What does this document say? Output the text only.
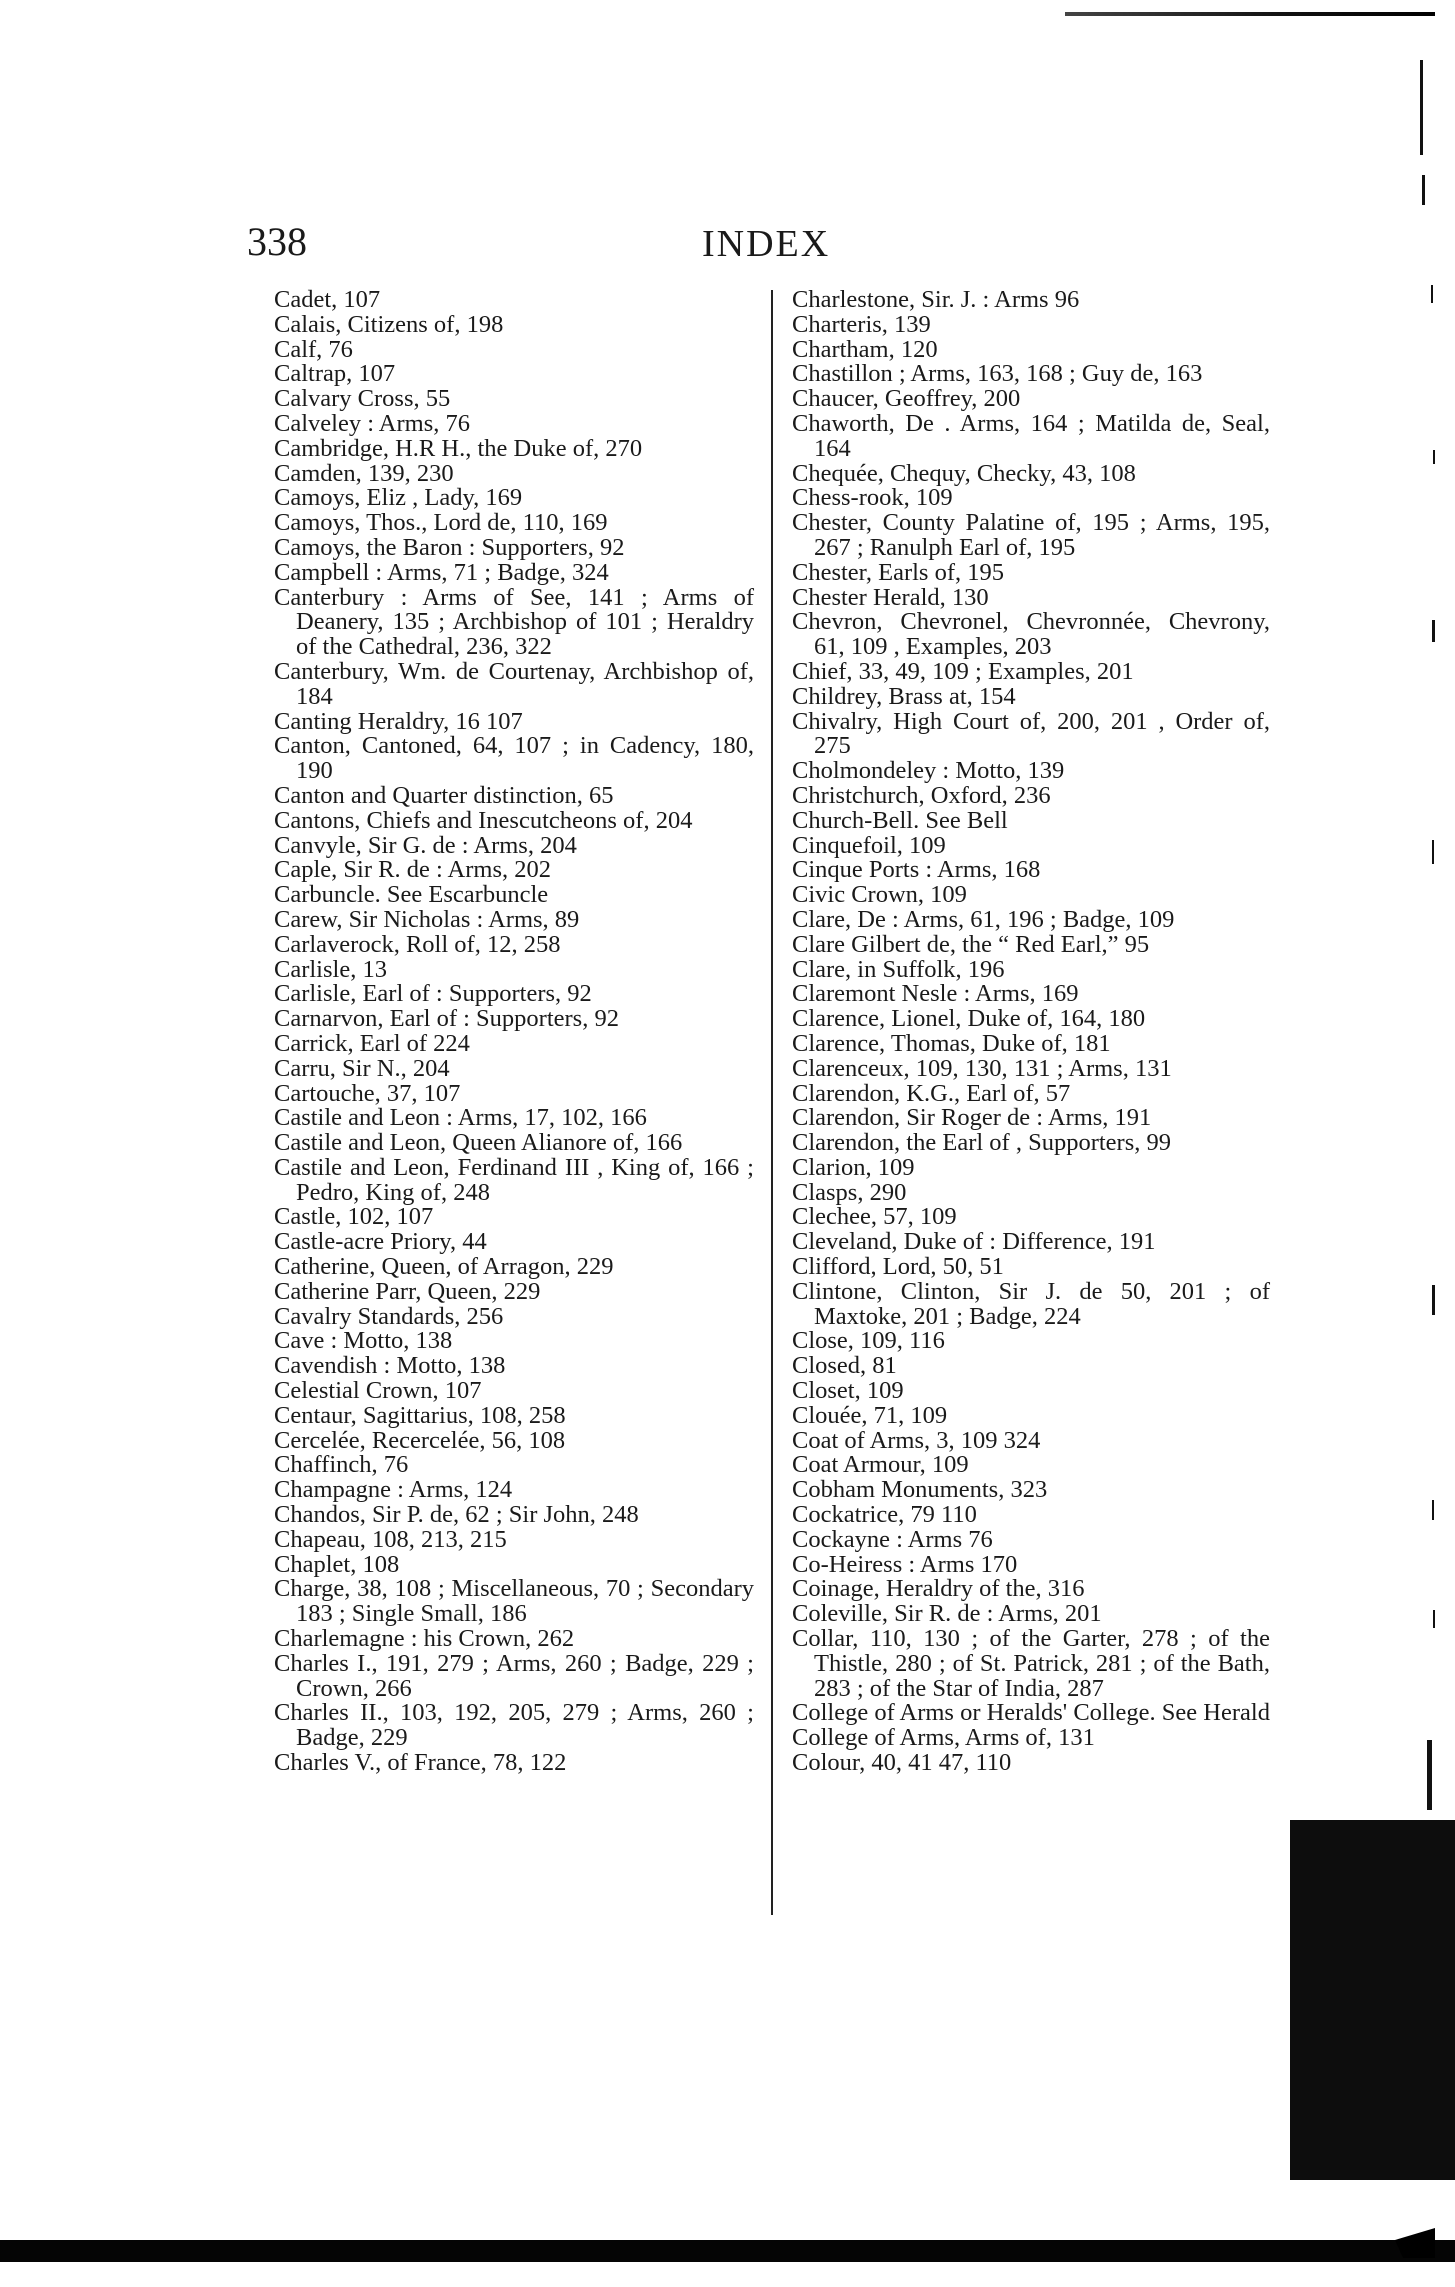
338	INDEX
Cadet, 107
Calais, Citizens of, 198
Calf, 76
Caltrap, 107
Calvary Cross, 55
Calveley : Arms, 76
Cambridge, H.R H., the Duke of, 270
Camden, 139, 230
Camoys, Eliz , Lady, 169
Camoys, Thos., Lord de, 110, 169
Camoys, the Baron : Supporters, 92
Campbell : Arms, 71 ; Badge, 324
Canterbury : Arms of See, 141 ; Arms of Deanery, 135 ; Archbishop of 101 ; Heraldry of the Cathedral, 236, 322
Canterbury, Wm. de Courtenay, Archbishop of, 184
Canting Heraldry, 16 107
Canton, Cantoned, 64, 107 ; in Cadency, 180, 190
Canton and Quarter distinction, 65
Cantons, Chiefs and Inescutcheons of, 204
Canvyle, Sir G. de : Arms, 204
Caple, Sir R. de : Arms, 202
Carbuncle. See Escarbuncle
Carew, Sir Nicholas : Arms, 89
Carlaverock, Roll of, 12, 258
Carlisle, 13
Carlisle, Earl of : Supporters, 92
Carnarvon, Earl of : Supporters, 92
Carrick, Earl of 224
Carru, Sir N., 204
Cartouche, 37, 107
Castile and Leon : Arms, 17, 102, 166
Castile and Leon, Queen Alianore of, 166
Castile and Leon, Ferdinand III , King of, 166 ; Pedro, King of, 248
Castle, 102, 107
Castle-acre Priory, 44
Catherine, Queen, of Arragon, 229
Catherine Parr, Queen, 229
Cavalry Standards, 256
Cave : Motto, 138
Cavendish : Motto, 138
Celestial Crown, 107
Centaur, Sagittarius, 108, 258
Cercelée, Recercelée, 56, 108
Chaffinch, 76
Champagne : Arms, 124
Chandos, Sir P. de, 62 ; Sir John, 248
Chapeau, 108, 213, 215
Chaplet, 108
Charge, 38, 108 ; Miscellaneous, 70 ; Secondary 183 ; Single Small, 186
Charlemagne : his Crown, 262
Charles I., 191, 279 ; Arms, 260 ; Badge, 229 ; Crown, 266
Charles II., 103, 192, 205, 279 ; Arms, 260 ; Badge, 229
Charles V., of France, 78, 122
Charlestone, Sir. J. : Arms 96
Charteris, 139
Chartham, 120
Chastillon ; Arms, 163, 168 ; Guy de, 163
Chaucer, Geoffrey, 200
Chaworth, De . Arms, 164 ; Matilda de, Seal, 164
Chequée, Chequy, Checky, 43, 108
Chess-rook, 109
Chester, County Palatine of, 195 ; Arms, 195, 267 ; Ranulph Earl of, 195
Chester, Earls of, 195
Chester Herald, 130
Chevron, Chevronel, Chevronnée, Chevrony, 61, 109 , Examples, 203
Chief, 33, 49, 109 ; Examples, 201
Childrey, Brass at, 154
Chivalry, High Court of, 200, 201 , Order of, 275
Cholmondeley : Motto, 139
Christchurch, Oxford, 236
Church-Bell. See Bell
Cinquefoil, 109
Cinque Ports : Arms, 168
Civic Crown, 109
Clare, De : Arms, 61, 196 ; Badge, 109
Clare Gilbert de, the “ Red Earl,” 95
Clare, in Suffolk, 196
Claremont Nesle : Arms, 169
Clarence, Lionel, Duke of, 164, 180
Clarence, Thomas, Duke of, 181
Clarenceux, 109, 130, 131 ; Arms, 131
Clarendon, K.G., Earl of, 57
Clarendon, Sir Roger de : Arms, 191
Clarendon, the Earl of , Supporters, 99
Clarion, 109
Clasps, 290
Clechee, 57, 109
Cleveland, Duke of : Difference, 191
Clifford, Lord, 50, 51
Clintone, Clinton, Sir J. de 50, 201 ; of Maxtoke, 201 ; Badge, 224
Close, 109, 116
Closed, 81
Closet, 109
Clouée, 71, 109
Coat of Arms, 3, 109 324
Coat Armour, 109
Cobham Monuments, 323
Cockatrice, 79 110
Cockayne : Arms 76
Co-Heiress : Arms 170
Coinage, Heraldry of the, 316
Coleville, Sir R. de : Arms, 201
Collar, 110, 130 ; of the Garter, 278 ; of the Thistle, 280 ; of St. Patrick, 281 ; of the Bath, 283 ; of the Star of India, 287
College of Arms or Heralds' College. See Herald
College of Arms, Arms of, 131
Colour, 40, 41 47, 110
